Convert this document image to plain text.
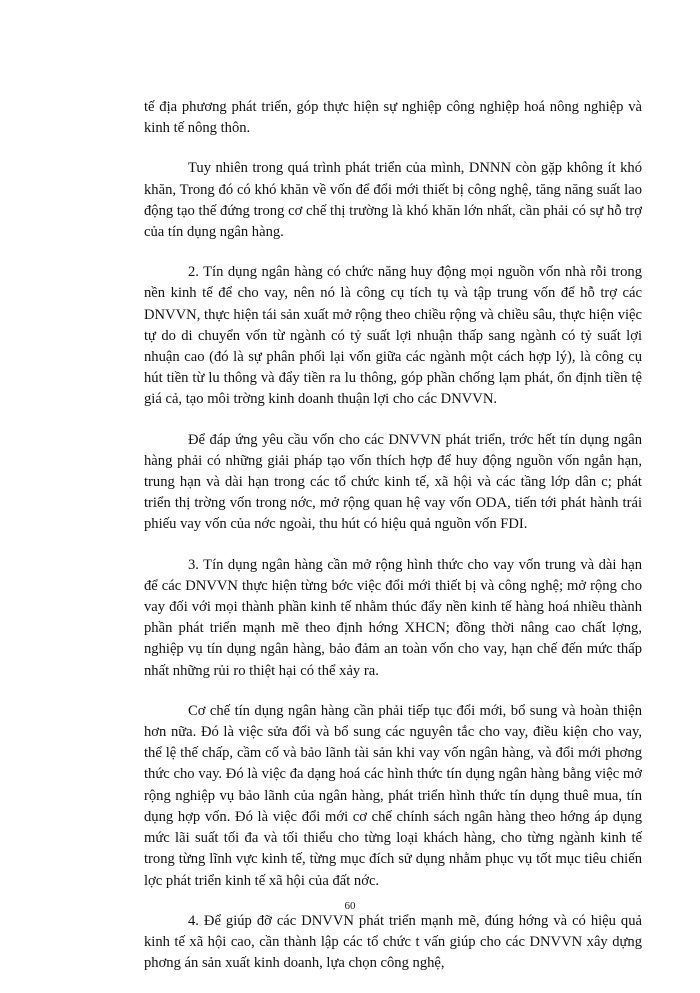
tế địa phương phát triển, góp thực hiện sự nghiệp công nghiệp hoá nông nghiệp và kinh tế nông thôn.

Tuy nhiên trong quá trình phát triển của mình, DNNN còn gặp không ít khó khăn, Trong đó có khó khăn về vốn để đổi mới thiết bị công nghệ, tăng năng suất lao động tạo thế đứng trong cơ chế thị trường là khó khăn lớn nhất, cần phải có sự hỗ trợ của tín dụng ngân hàng.

2. Tín dụng ngân hàng có chức năng huy động mọi nguồn vốn nhà rỗi trong nền kinh tế để cho vay, nên nó là công cụ tích tụ và tập trung vốn để hỗ trợ các DNVVN, thực hiện tái sản xuất mở rộng theo chiều rộng và chiều sâu, thực hiện việc tự do di chuyển vốn từ ngành có tỷ suất lợi nhuận thấp sang ngành có tỷ suất lợi nhuận cao (đó là sự phân phối lại vốn giữa các ngành một cách hợp lý), là công cụ hút tiền từ lu thông và đẩy tiền ra lu thông, góp phần chống lạm phát, ổn định tiền tệ giá cả, tạo môi trờng kinh doanh thuận lợi cho các DNVVN.

Để đáp ứng yêu cầu vốn cho các DNVVN phát triển, trớc hết tín dụng ngân hàng phải có những giải pháp tạo vốn thích hợp để huy động nguồn vốn ngắn hạn, trung hạn và dài hạn trong các tổ chức kinh tế, xã hội và các tầng lớp dân c; phát triển thị trờng vốn trong nớc, mở rộng quan hệ vay vốn ODA, tiến tới phát hành trái phiếu vay vốn của nớc ngoài, thu hút có hiệu quả nguồn vốn FDI.

3. Tín dụng ngân hàng cần mở rộng hình thức cho vay vốn trung và dài hạn để các DNVVN thực hiện từng bớc việc đổi mới thiết bị và công nghệ; mở rộng cho vay đối với mọi thành phần kinh tế nhằm thúc đẩy nền kinh tế hàng hoá nhiều thành phần phát triển mạnh mẽ theo định hớng XHCN; đồng thời nâng cao chất lợng, nghiệp vụ tín dụng ngân hàng, bảo đảm an toàn vốn cho vay, hạn chế đến mức thấp nhất những rủi ro thiệt hại có thể xảy ra.

Cơ chế tín dụng ngân hàng cần phải tiếp tục đổi mới, bổ sung và hoàn thiện hơn nữa. Đó là việc sửa đổi và bổ sung các nguyên tắc cho vay, điều kiện cho vay, thể lệ thế chấp, cầm cố và bảo lãnh tài sản khi vay vốn ngân hàng, và đổi mới phơng thức cho vay. Đó là việc đa dạng hoá các hình thức tín dụng ngân hàng bằng việc mở rộng nghiệp vụ bảo lãnh của ngân hàng, phát triển hình thức tín dụng thuê mua, tín dụng hợp vốn. Đó là việc đổi mới cơ chế chính sách ngân hàng theo hớng áp dụng mức lãi suất tối đa và tối thiểu cho từng loại khách hàng, cho từng ngành kinh tế trong từng lĩnh vực kinh tế, từng mục đích sử dụng nhằm phục vụ tốt mục tiêu chiến lợc phát triển kinh tế xã hội của đất nớc.

4. Để giúp đỡ các DNVVN phát triển mạnh mẽ, đúng hớng và có hiệu quả kinh tế xã hội cao, cần thành lập các tổ chức t vấn giúp cho các DNVVN xây dựng phơng án sản xuất kinh doanh, lựa chọn công nghệ,

60
